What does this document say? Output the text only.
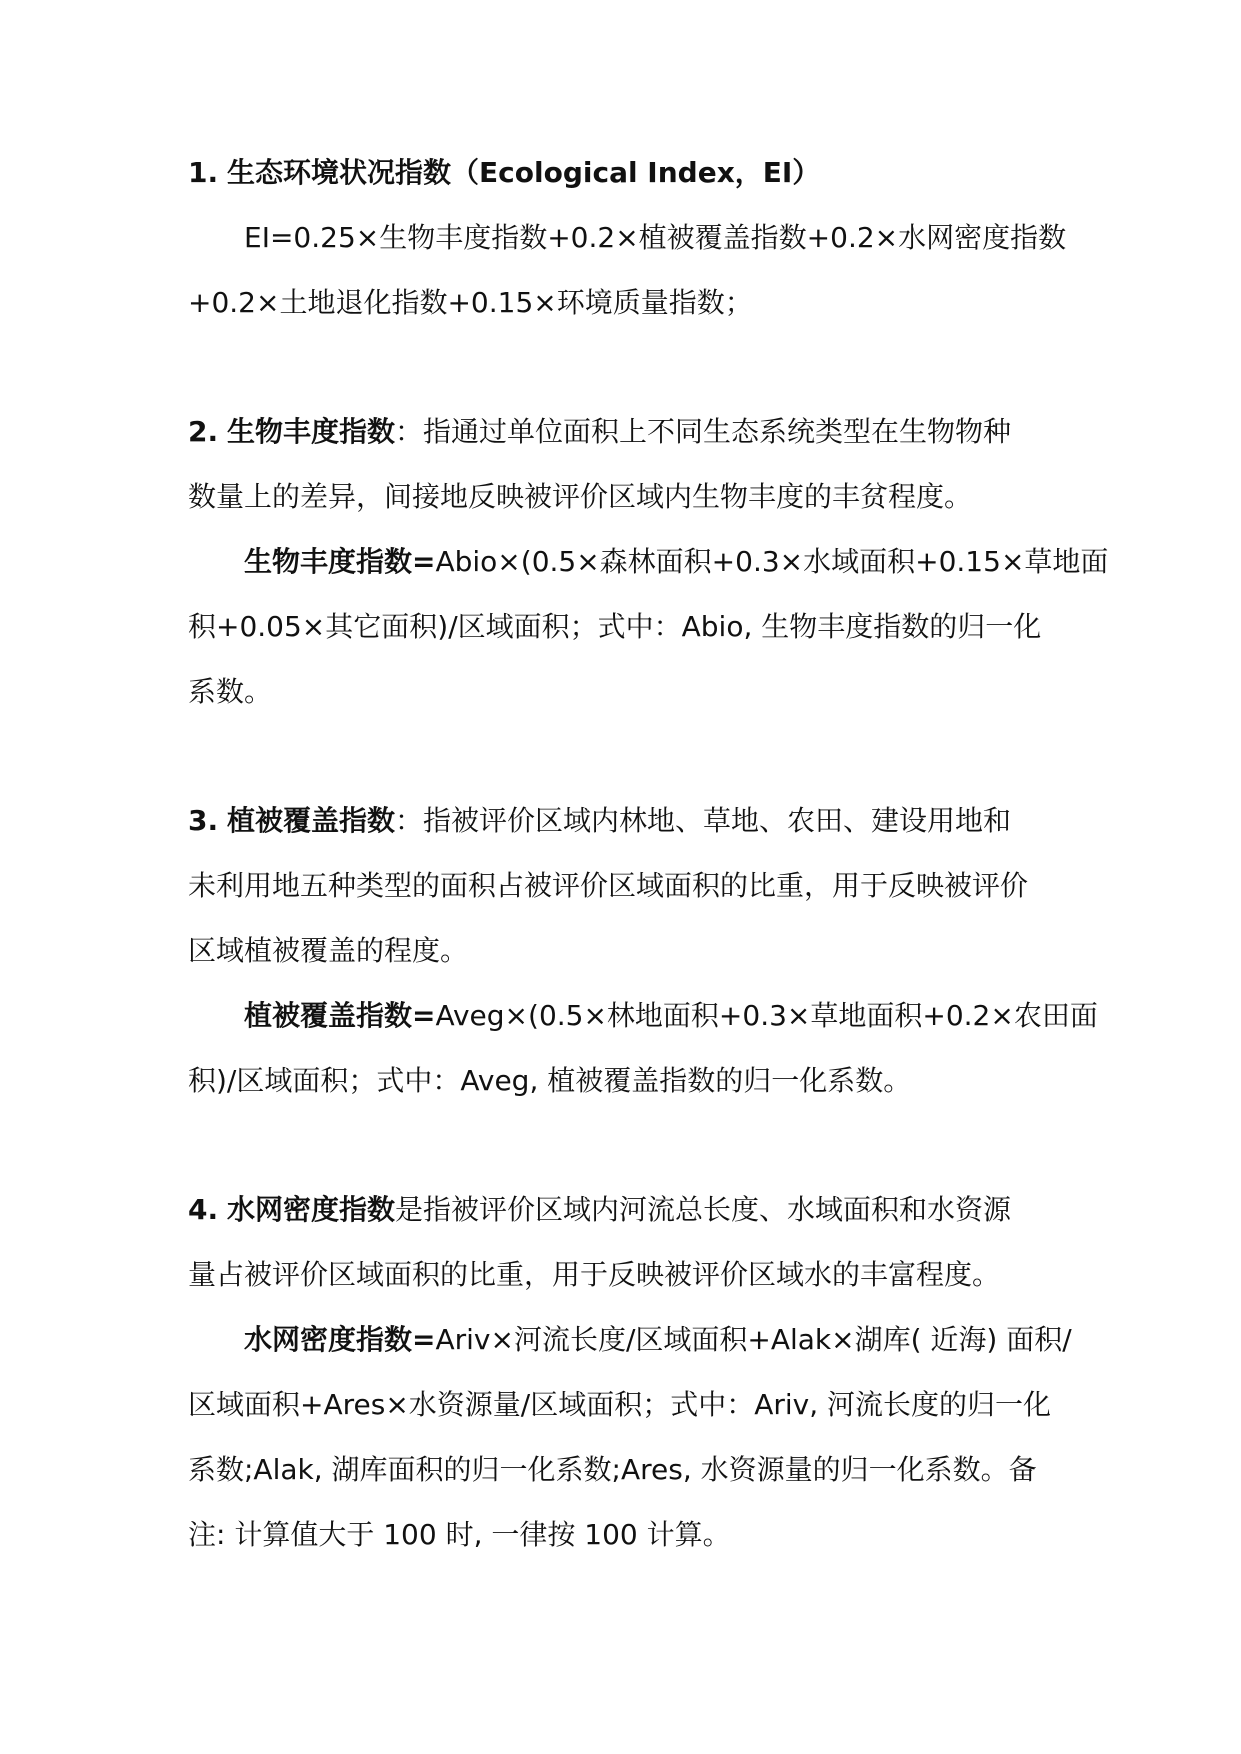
1. 生态环境状况指数（Ecological Index，EI）

EI=0.25×生物丰度指数+0.2×植被覆盖指数+0.2×水网密度指数

+0.2×土地退化指数+0.15×环境质量指数；

2. 生物丰度指数：指通过单位面积上不同生态系统类型在生物物种

数量上的差异，间接地反映被评价区域内生物丰度的丰贫程度。

生物丰度指数=Abio×(0.5×森林面积+0.3×水域面积+0.15×草地面

积+0.05×其它面积)/区域面积；式中：Abio, 生物丰度指数的归一化

系数。

3. 植被覆盖指数：指被评价区域内林地、草地、农田、建设用地和

未利用地五种类型的面积占被评价区域面积的比重，用于反映被评价

区域植被覆盖的程度。

植被覆盖指数=Aveg×(0.5×林地面积+0.3×草地面积+0.2×农田面

积)/区域面积；式中：Aveg, 植被覆盖指数的归一化系数。

4. 水网密度指数是指被评价区域内河流总长度、水域面积和水资源

量占被评价区域面积的比重，用于反映被评价区域水的丰富程度。

水网密度指数=Ariv×河流长度/区域面积+Alak×湖库( 近海) 面积/

区域面积+Ares×水资源量/区域面积；式中：Ariv, 河流长度的归一化

系数;Alak, 湖库面积的归一化系数;Ares, 水资源量的归一化系数。备

注: 计算值大于 100 时, 一律按 100 计算。
